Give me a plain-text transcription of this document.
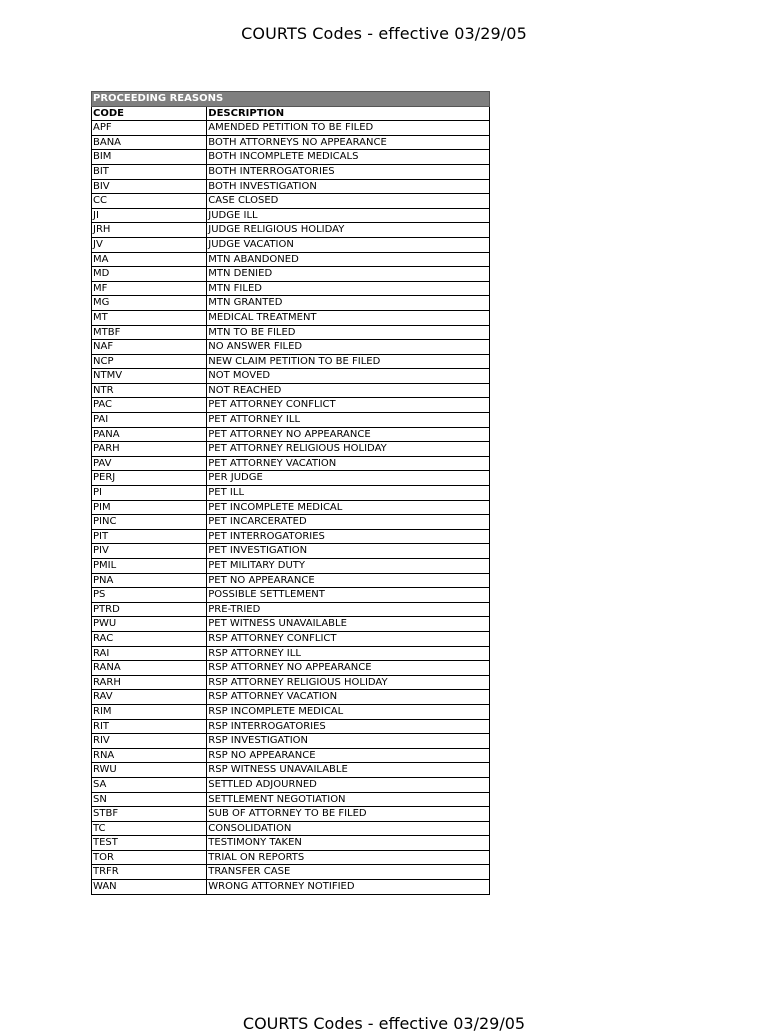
COURTS Codes - effective 03/29/05
PROCEEDING REASONS	
CODE	DESCRIPTION
APF	AMENDED PETITION TO BE FILED
BANA	BOTH ATTORNEYS NO APPEARANCE
BIM	BOTH INCOMPLETE MEDICALS
BIT	BOTH INTERROGATORIES
BIV	BOTH INVESTIGATION
CC	CASE CLOSED
JI	JUDGE ILL
JRH	JUDGE RELIGIOUS HOLIDAY
JV	JUDGE VACATION
MA	MTN ABANDONED
MD	MTN DENIED
MF	MTN FILED
MG	MTN GRANTED
MT	MEDICAL TREATMENT
MTBF	MTN TO BE FILED
NAF	NO ANSWER FILED
NCP	NEW CLAIM PETITION TO BE FILED
NTMV	NOT MOVED
NTR	NOT REACHED
PAC	PET ATTORNEY CONFLICT
PAI	PET ATTORNEY ILL
PANA	PET ATTORNEY NO APPEARANCE
PARH	PET ATTORNEY RELIGIOUS HOLIDAY
PAV	PET ATTORNEY VACATION
PERJ	PER JUDGE
PI	PET ILL
PIM	PET INCOMPLETE MEDICAL
PINC	PET INCARCERATED
PIT	PET INTERROGATORIES
PIV	PET INVESTIGATION
PMIL	PET MILITARY DUTY
PNA	PET NO APPEARANCE
PS	POSSIBLE SETTLEMENT
PTRD	PRE-TRIED
PWU	PET WITNESS UNAVAILABLE
RAC	RSP ATTORNEY CONFLICT
RAI	RSP ATTORNEY ILL
RANA	RSP ATTORNEY NO APPEARANCE
RARH	RSP ATTORNEY RELIGIOUS HOLIDAY
RAV	RSP ATTORNEY VACATION
RIM	RSP INCOMPLETE MEDICAL
RIT	RSP INTERROGATORIES
RIV	RSP INVESTIGATION
RNA	RSP NO APPEARANCE
RWU	RSP WITNESS UNAVAILABLE
SA	SETTLED ADJOURNED
SN	SETTLEMENT NEGOTIATION
STBF	SUB OF ATTORNEY TO BE FILED
TC	CONSOLIDATION
TEST	TESTIMONY TAKEN
TOR	TRIAL ON REPORTS
TRFR	TRANSFER CASE
WAN	WRONG ATTORNEY NOTIFIED
COURTS Codes - effective 03/29/05
